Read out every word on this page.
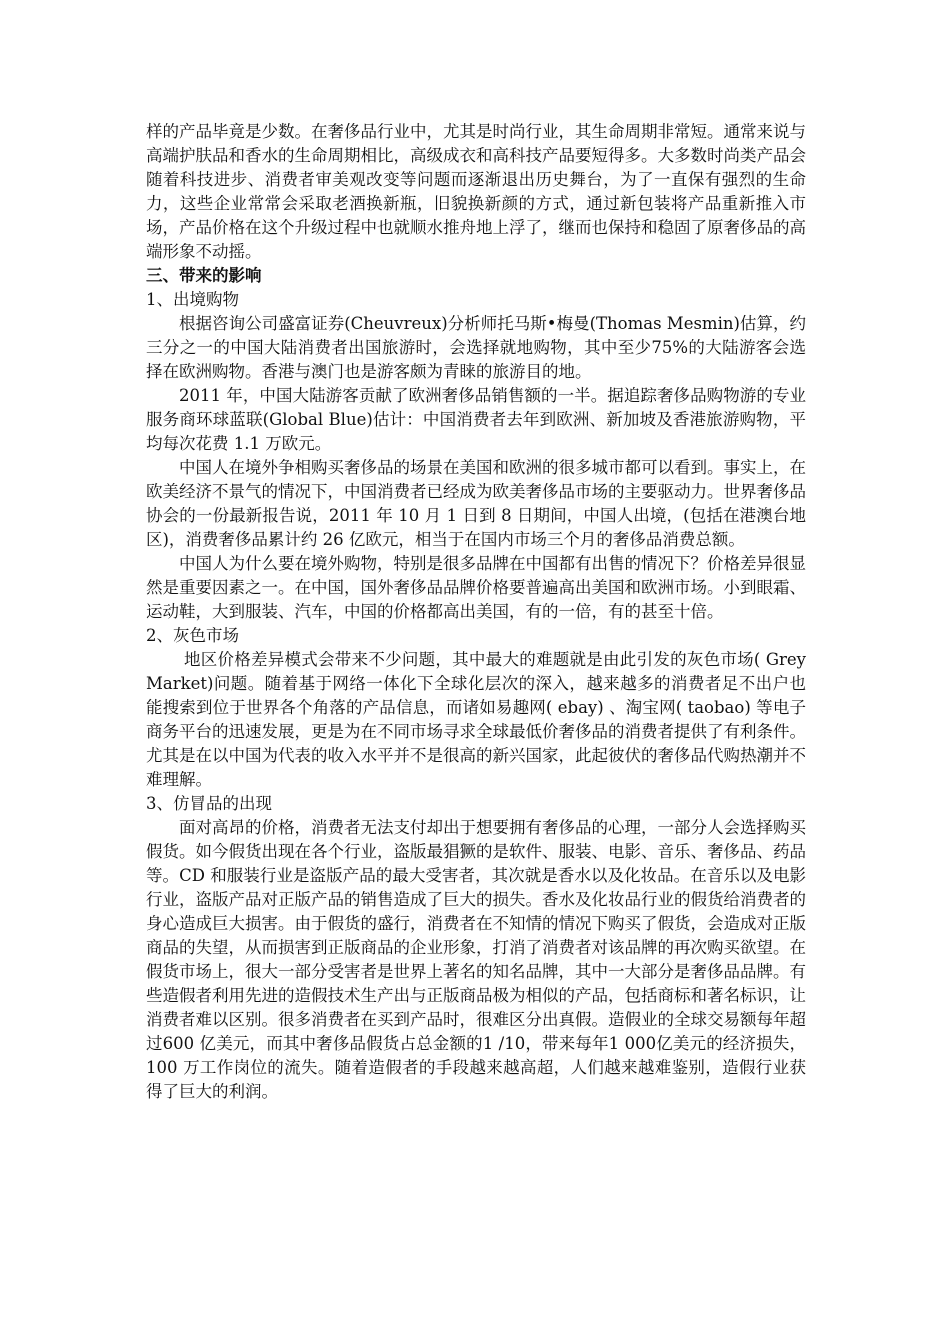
样的产品毕竟是少数。在奢侈品行业中，尤其是时尚行业，其生命周期非常短。通常来说与高端护肤品和香水的生命周期相比，高级成衣和高科技产品要短得多。大多数时尚类产品会随着科技进步、消费者审美观改变等问题而逐渐退出历史舞台，为了一直保有强烈的生命力，这些企业常常会采取老酒换新瓶，旧貌换新颜的方式，通过新包装将产品重新推入市场，产品价格在这个升级过程中也就顺水推舟地上浮了，继而也保持和稳固了原奢侈品的高端形象不动摇。

三、带来的影响

1、出境购物

根据咨询公司盛富证券(Cheuvreux)分析师托马斯•梅曼(Thomas Mesmin)估算，约三分之一的中国大陆消费者出国旅游时，会选择就地购物，其中至少75%的大陆游客会选择在欧洲购物。香港与澳门也是游客颇为青睐的旅游目的地。

2011 年，中国大陆游客贡献了欧洲奢侈品销售额的一半。据追踪奢侈品购物游的专业服务商环球蓝联(Global Blue)估计：中国消费者去年到欧洲、新加坡及香港旅游购物，平均每次花费 1.1 万欧元。

中国人在境外争相购买奢侈品的场景在美国和欧洲的很多城市都可以看到。事实上，在欧美经济不景气的情况下，中国消费者已经成为欧美奢侈品市场的主要驱动力。世界奢侈品协会的一份最新报告说，2011 年 10 月 1 日到 8 日期间，中国人出境，(包括在港澳台地区)，消费奢侈品累计约 26 亿欧元，相当于在国内市场三个月的奢侈品消费总额。

中国人为什么要在境外购物，特别是很多品牌在中国都有出售的情况下？价格差异很显然是重要因素之一。在中国，国外奢侈品品牌价格要普遍高出美国和欧洲市场。小到眼霜、运动鞋，大到服装、汽车，中国的价格都高出美国，有的一倍，有的甚至十倍。

2、灰色市场

地区价格差异模式会带来不少问题，其中最大的难题就是由此引发的灰色市场( Grey Market)问题。随着基于网络一体化下全球化层次的深入，越来越多的消费者足不出户也能搜索到位于世界各个角落的产品信息，而诸如易趣网( ebay) 、淘宝网( taobao) 等电子商务平台的迅速发展，更是为在不同市场寻求全球最低价奢侈品的消费者提供了有利条件。尤其是在以中国为代表的收入水平并不是很高的新兴国家，此起彼伏的奢侈品代购热潮并不难理解。

3、仿冒品的出现

面对高昂的价格，消费者无法支付却出于想要拥有奢侈品的心理，一部分人会选择购买假货。如今假货出现在各个行业，盗版最猖獗的是软件、服装、电影、音乐、奢侈品、药品等。CD 和服装行业是盗版产品的最大受害者，其次就是香水以及化妆品。在音乐以及电影行业，盗版产品对正版产品的销售造成了巨大的损失。香水及化妆品行业的假货给消费者的身心造成巨大损害。由于假货的盛行，消费者在不知情的情况下购买了假货，会造成对正版商品的失望，从而损害到正版商品的企业形象，打消了消费者对该品牌的再次购买欲望。在假货市场上，很大一部分受害者是世界上著名的知名品牌，其中一大部分是奢侈品品牌。有些造假者利用先进的造假技术生产出与正版商品极为相似的产品，包括商标和著名标识，让消费者难以区别。很多消费者在买到产品时，很难区分出真假。造假业的全球交易额每年超过600 亿美元，而其中奢侈品假货占总金额的1 /10，带来每年1 000亿美元的经济损失，100 万工作岗位的流失。随着造假者的手段越来越高超，人们越来越难鉴别，造假行业获得了巨大的利润。
